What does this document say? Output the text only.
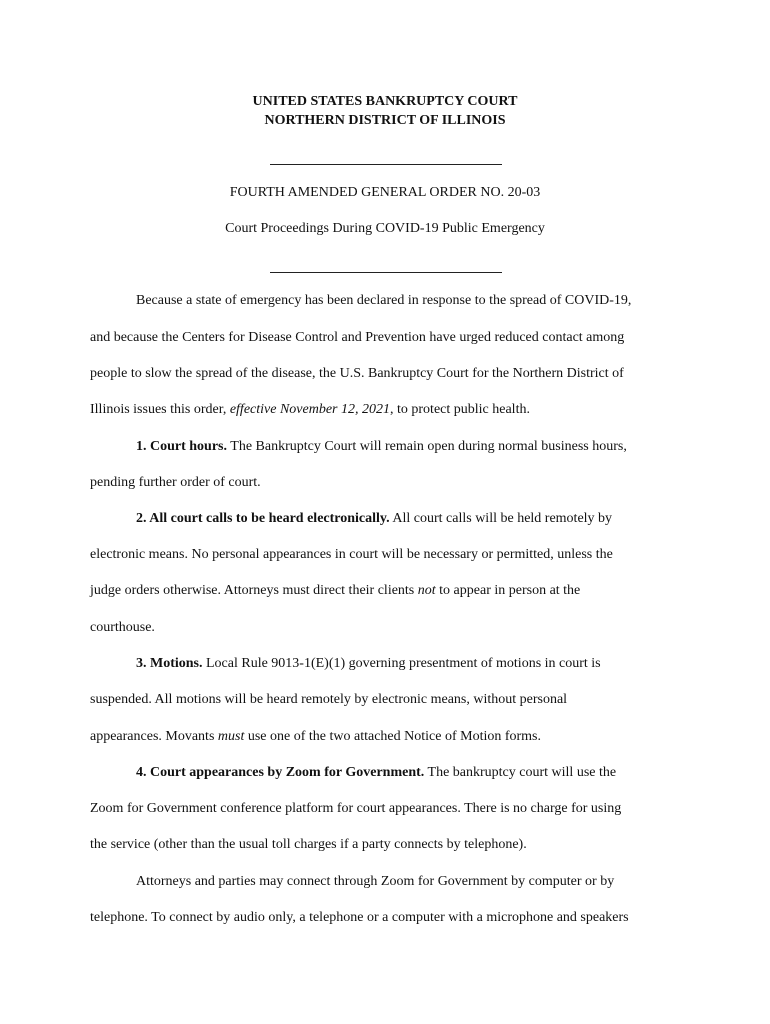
UNITED STATES BANKRUPTCY COURT
NORTHERN DISTRICT OF ILLINOIS
FOURTH AMENDED GENERAL ORDER NO. 20-03
Court Proceedings During COVID-19 Public Emergency
Because a state of emergency has been declared in response to the spread of COVID-19,
and because the Centers for Disease Control and Prevention have urged reduced contact among
people to slow the spread of the disease, the U.S. Bankruptcy Court for the Northern District of
Illinois issues this order, effective November 12, 2021, to protect public health.
1. Court hours. The Bankruptcy Court will remain open during normal business hours,
pending further order of court.
2. All court calls to be heard electronically. All court calls will be held remotely by
electronic means. No personal appearances in court will be necessary or permitted, unless the
judge orders otherwise. Attorneys must direct their clients not to appear in person at the
courthouse.
3. Motions. Local Rule 9013-1(E)(1) governing presentment of motions in court is
suspended. All motions will be heard remotely by electronic means, without personal
appearances. Movants must use one of the two attached Notice of Motion forms.
4. Court appearances by Zoom for Government. The bankruptcy court will use the
Zoom for Government conference platform for court appearances. There is no charge for using
the service (other than the usual toll charges if a party connects by telephone).
Attorneys and parties may connect through Zoom for Government by computer or by
telephone. To connect by audio only, a telephone or a computer with a microphone and speakers
